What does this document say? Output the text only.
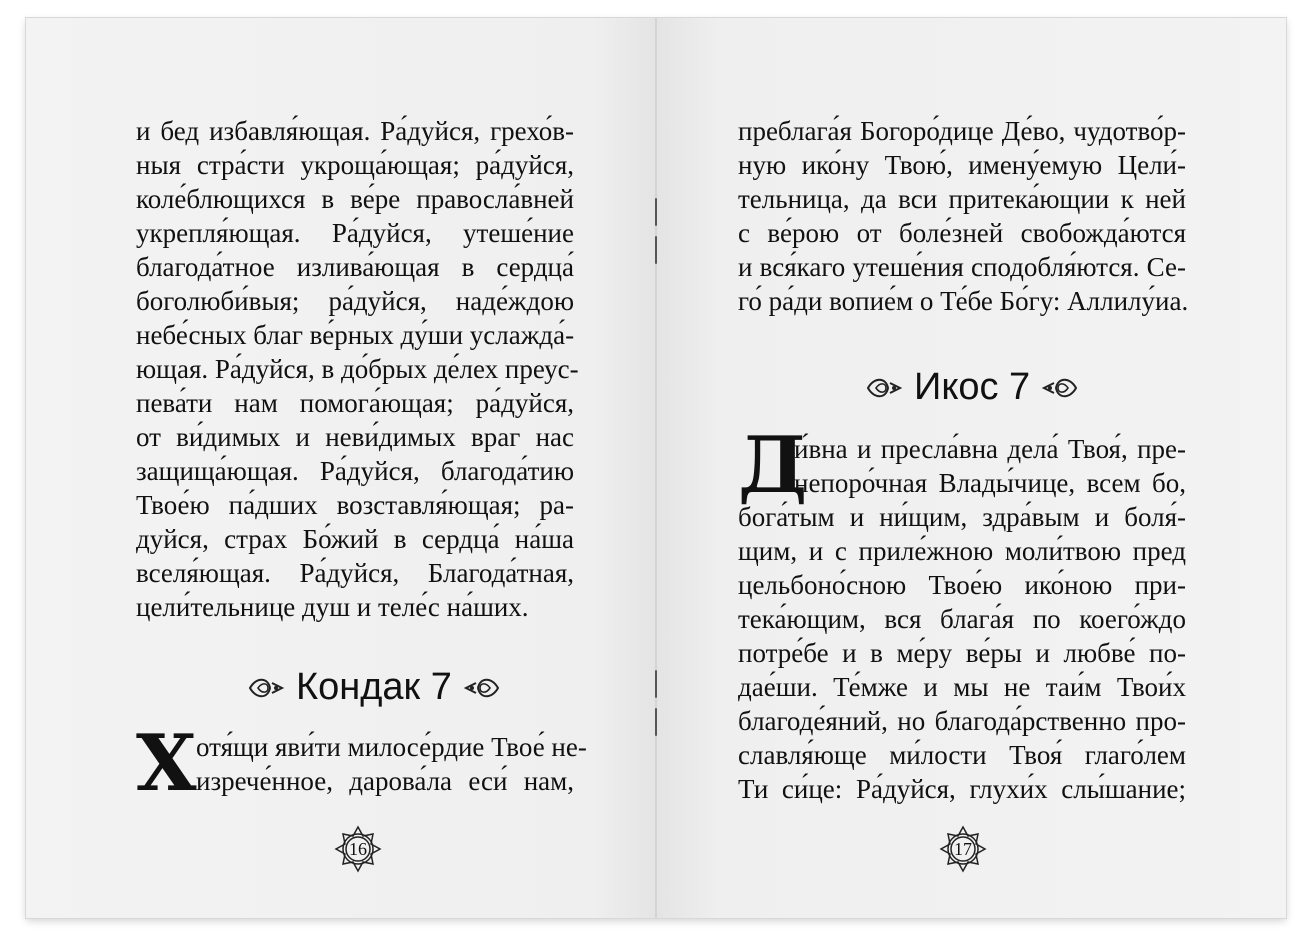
и бед избавля́ющая. Ра́дуйся, грехо́в-
ныя стра́сти укроща́ющая; ра́дуйся,
коле́блющихся в ве́ре правосла́вней
укрепля́ющая. Ра́дуйся, утеше́ние
благода́тное излива́ющая в сердца́
боголюби́выя; ра́дуйся, наде́ждою
небе́сных благ ве́рных ду́ши услажда́-
ющая. Ра́дуйся, в до́брых де́лех преус-
пева́ти нам помога́ющая; ра́дуйся,
от ви́димых и неви́димых враг нас
защища́ющая. Ра́дуйся, благода́тию
Твое́ю па́дших возставля́ющая; ра-
дуйся, страх Бо́жий в сердца́ на́ша
вселя́ющая. Ра́дуйся, Благода́тная,
цели́тельнице душ и теле́с на́ших.
Кондак 7
Х отя́щи яви́ти милосе́рдие Твое́ не-
изрече́нное, дарова́ла еси́ нам,
16
преблага́я Богоро́дице Де́во, чудотво́р-
ную ико́ну Твою́, имену́емую Цели́-
тельница, да вси притека́ющии к ней
с ве́рою от боле́зней свобожда́ются
и вся́каго утеше́ния сподобля́ются. Се-
го́ ра́ди вопие́м о Те́бе Бо́гу: Аллилу́иа.
Икос 7
Д
и́вна и пресла́вна дела́ Твоя́, пре-
непоро́чная Влады́чице, всем бо,
бога́тым и ни́щим, здра́вым и боля́-
щим, и с приле́жною моли́твою пред
цельбоно́сною Твое́ю ико́ною при-
тека́ющим, вся блага́я по коего́ждо
потре́бе и в ме́ру ве́ры и любве́ по-
дае́ши. Те́мже и мы не таи́м Твои́х
благоде́яний, но благода́рственно про-
славля́юще ми́лости Твоя́ глаго́лем
Ти си́це: Ра́дуйся, глухи́х слы́шание;
17
